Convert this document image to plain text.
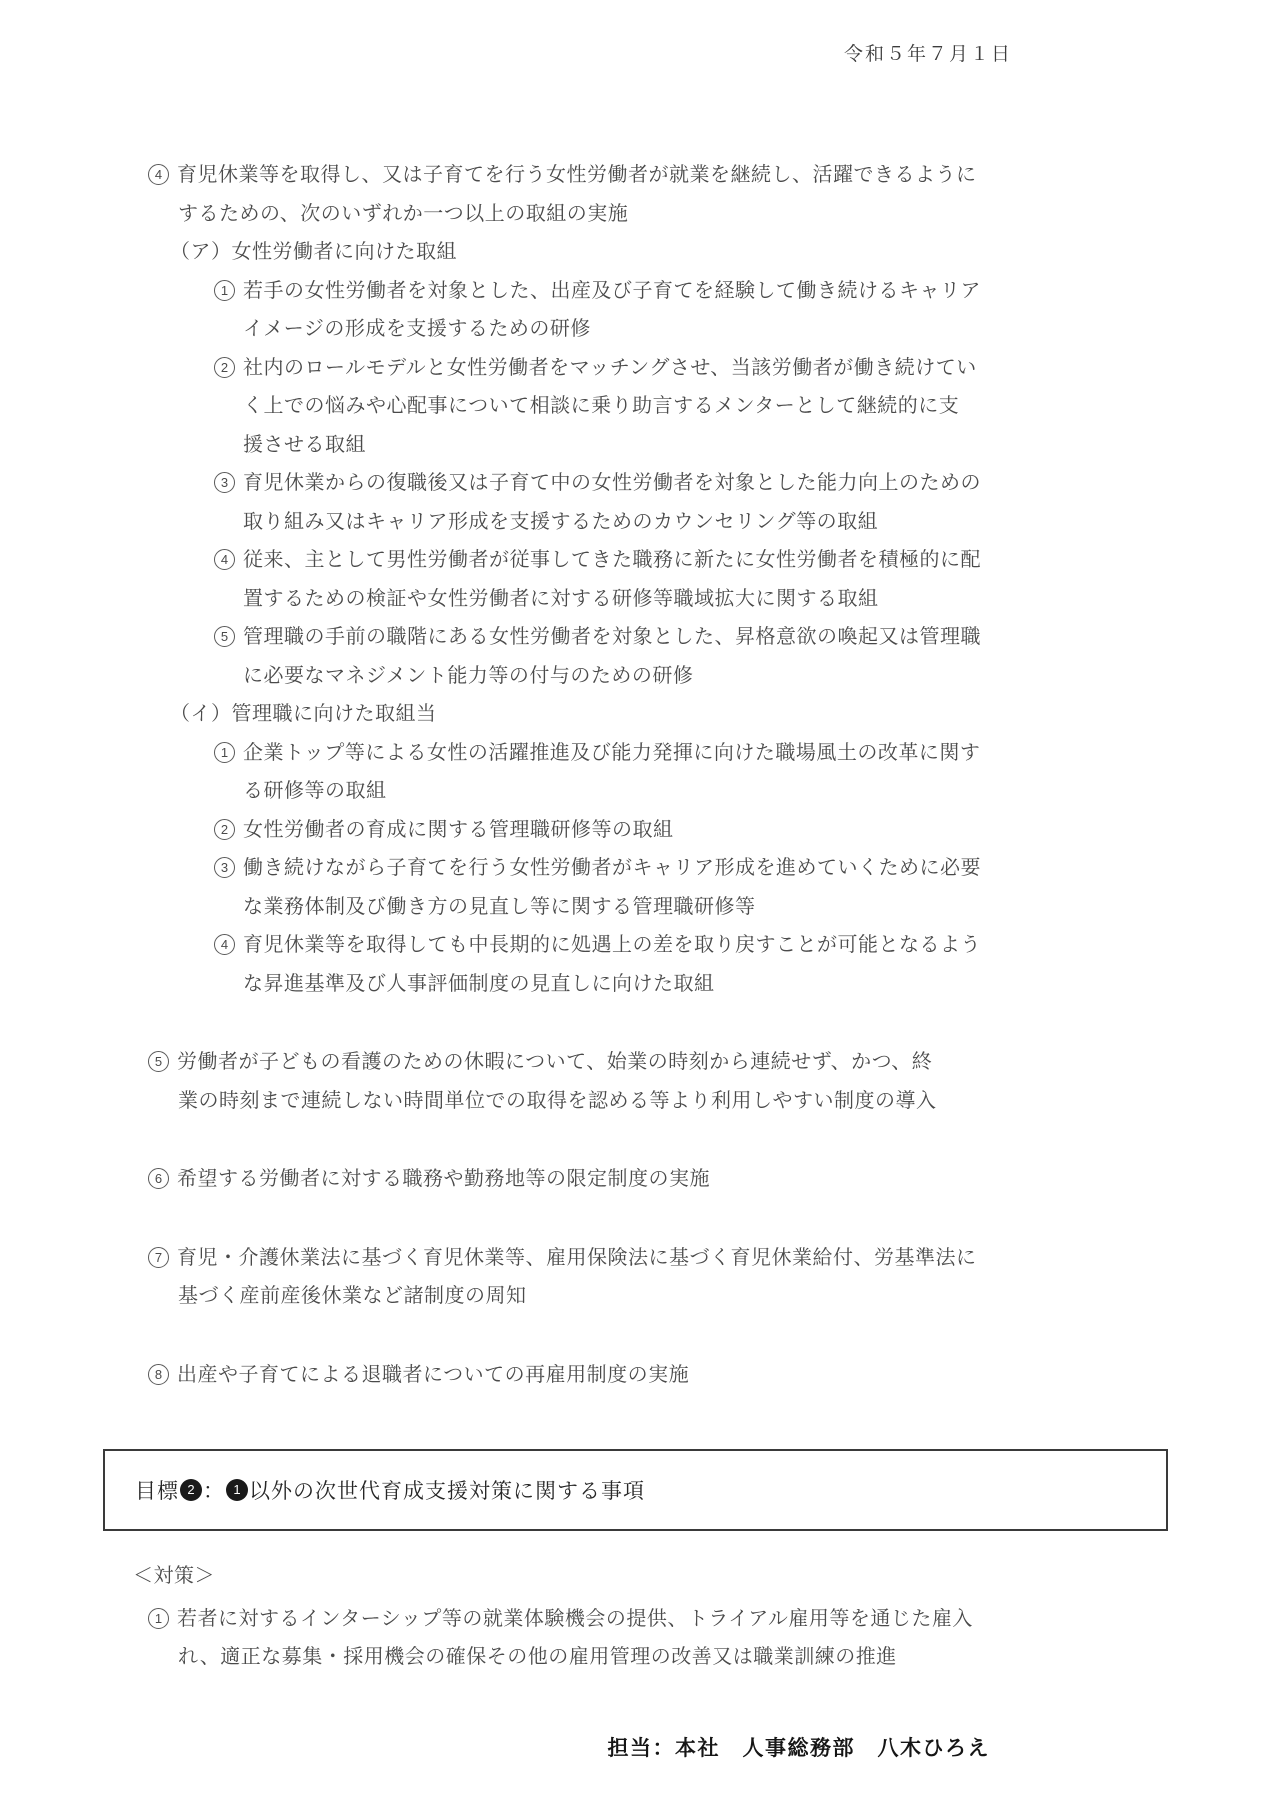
令和５年７月１日
4 育児休業等を取得し、又は子育てを行う女性労働者が就業を継続し、活躍できるように
するための、次のいずれか一つ以上の取組の実施
（ア）女性労働者に向けた取組
1 若手の女性労働者を対象とした、出産及び子育てを経験して働き続けるキャリア
イメージの形成を支援するための研修
2 社内のロールモデルと女性労働者をマッチングさせ、当該労働者が働き続けてい
く上での悩みや心配事について相談に乗り助言するメンターとして継続的に支
援させる取組
3 育児休業からの復職後又は子育て中の女性労働者を対象とした能力向上のための
取り組み又はキャリア形成を支援するためのカウンセリング等の取組
4 従来、主として男性労働者が従事してきた職務に新たに女性労働者を積極的に配
置するための検証や女性労働者に対する研修等職域拡大に関する取組
5 管理職の手前の職階にある女性労働者を対象とした、昇格意欲の喚起又は管理職
に必要なマネジメント能力等の付与のための研修
（イ）管理職に向けた取組当
1 企業トップ等による女性の活躍推進及び能力発揮に向けた職場風土の改革に関す
る研修等の取組
2 女性労働者の育成に関する管理職研修等の取組
3 働き続けながら子育てを行う女性労働者がキャリア形成を進めていくために必要
な業務体制及び働き方の見直し等に関する管理職研修等
4 育児休業等を取得しても中長期的に処遇上の差を取り戻すことが可能となるよう
な昇進基準及び人事評価制度の見直しに向けた取組
5 労働者が子どもの看護のための休暇について、始業の時刻から連続せず、かつ、終
業の時刻まで連続しない時間単位での取得を認める等より利用しやすい制度の導入
6 希望する労働者に対する職務や勤務地等の限定制度の実施
7 育児・介護休業法に基づく育児休業等、雇用保険法に基づく育児休業給付、労基準法に
基づく産前産後休業など諸制度の周知
8 出産や子育てによる退職者についての再雇用制度の実施
目標 2 ： 1 以外の次世代育成支援対策に関する事項
＜対策＞
1 若者に対するインターシップ等の就業体験機会の提供、トライアル雇用等を通じた雇入
れ、適正な募集・採用機会の確保その他の雇用管理の改善又は職業訓練の推進
担当：本社　人事総務部　八木ひろえ
